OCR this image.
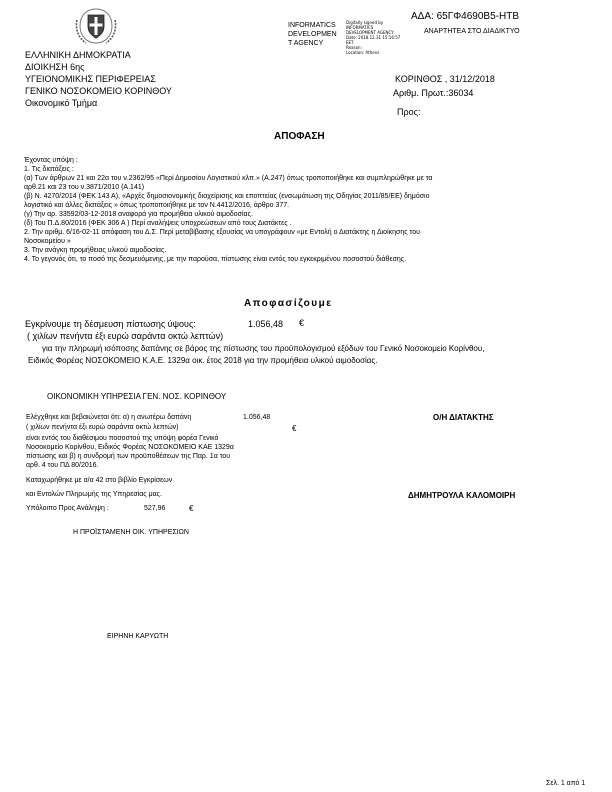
ΑΔΑ: 65ΓΦ4690Β5-ΗΤΒ
ΑΝΑΡΤΗΤΕΑ ΣΤΟ ΔΙΑΔΙΚΤΥΟ
INFORMATICS
DEVELOPMEN
T AGENCY
Digitally signed by
INFORMATICS
DEVELOPMENT AGENCY
Date: 2018.12.31 15:16:57
EET
Reason:
Location: Athens
ΕΛΛΗΝΙΚΗ ΔΗΜΟΚΡΑΤΙΑ
ΔΙΟΙΚΗΣΗ 6ης
ΥΓΕΙΟΝΟΜΙΚΗΣ ΠΕΡΙΦΕΡΕΙΑΣ
ΓΕΝΙΚΟ ΝΟΣΟΚΟΜΕΙΟ ΚΟΡΙΝΘΟΥ
Οικονομικό Τμήμα
ΚΟΡΙΝΘΟΣ , 31/12/2018
Αριθμ. Πρωτ.:36034
Προς:
ΑΠΟΦΑΣΗ
Έχοντας υπόψη :
1. Τις διατάξεις :
(α) Των άρθρων 21 και 22α του ν.2362/95 «Περί Δημοσίου Λογιστικού κλπ.» (Α.247) όπως τροποποιήθηκε και συμπληρώθηκε με τα
αρθ.21 και 23 του ν.3871/2010 (Α.141)
(β) Ν. 4270/2014 (ΦΕΚ 143 Α), «Αρχές δημοσιονομικής διαχείρισης και εποπτείας (ενσωμάτωση της Οδηγίας 2011/85/ΕΕ) δημόσιο
λογιστικό και άλλες διατάξεις » όπως τροποποιήθηκε με τον Ν.4412/2016, άρθρο 377.
(γ) Την αρ. 33592/03-12-2018 αναφορά για προμήθεια υλικού αιμοδοσίας.
(δ) Του Π.Δ.80/2016 (ΦΕΚ 306 Α ) Περί αναλήψεις υποχρεώσεων από τους Διατάκτες .
2. Την αριθμ. 6/16-02-11 απόφαση του Δ.Σ. Περί μεταβίβασης εξουσίας να υπογράφουν «με Εντολή ο Διατάκτης η Διοίκησης του
Νοσοκομείου »
3. Την ανάγκη προμήθειας υλικού αιμοδοσίας.
4. Το γεγονός ότι, το ποσό της δεσμευόμενης, με την παρούσα, πίστωσης είναι εντός του εγκεκριμένου ποσοστού διάθεσης.
Αποφασίζουμε
Εγκρίνουμε τη δέσμευση πίστωσης ύψους:	1.056,48 €
( χιλίων πενήντα έξι ευρώ σαράντα οκτώ λεπτών)
για την πληρωμή ισόποσης δαπάνης σε βάρος της πίστωσης του προϋπολογισμού εξόδων του Γενικό Νοσοκομείο Κορίνθου,
Ειδικός Φορέας ΝΟΣΟΚΟΜΕΙΟ Κ.Α.Ε. 1329α οικ. έτος 2018 για την προμήθεια υλικού αιμοδοσίας.
ΟΙΚΟΝΟΜΙΚΗ ΥΠΗΡΕΣΙΑ ΓΕΝ. ΝΟΣ. ΚΟΡΙΝΘΟΥ
Ελέγχθηκε και βεβαιώνεται ότι: α) η ανωτέρω δαπάνη	1.056,48
( χιλίων πενήντα έξι ευρώ σαράντα οκτώ λεπτών)	€
είναι εντός του διαθέσιμου ποσοστού της υπόψη φορέα Γενικό
Νοσοκομείο Κορίνθου, Ειδικός Φορέας ΝΟΣΟΚΟΜΕΙΟ ΚΑΕ 1329α
πίστωσης και β) η συνδρομή των προϋποθέσεων της Παρ. 1α του
αρθ. 4 του ΠΔ 80/2016.
Καταχωρήθηκε με α/α 42 στο βιβλίο Εγκρίσεων
και Εντολών Πληρωμής της Υπηρεσίας μας.
Υπόλοιπο Προς Ανάληψη :	527,96	€
Ο/Η ΔΙΑΤΑΚΤΗΣ
ΔΗΜΗΤΡΟΥΛΑ ΚΑΛΟΜΟΙΡΗ
Η ΠΡΟΪΣΤΑΜΕΝΗ ΟΙΚ. ΥΠΗΡΕΣΙΩΝ
ΕΙΡΗΝΗ ΚΑΡΥΩΤΗ
Σελ. 1 από 1
